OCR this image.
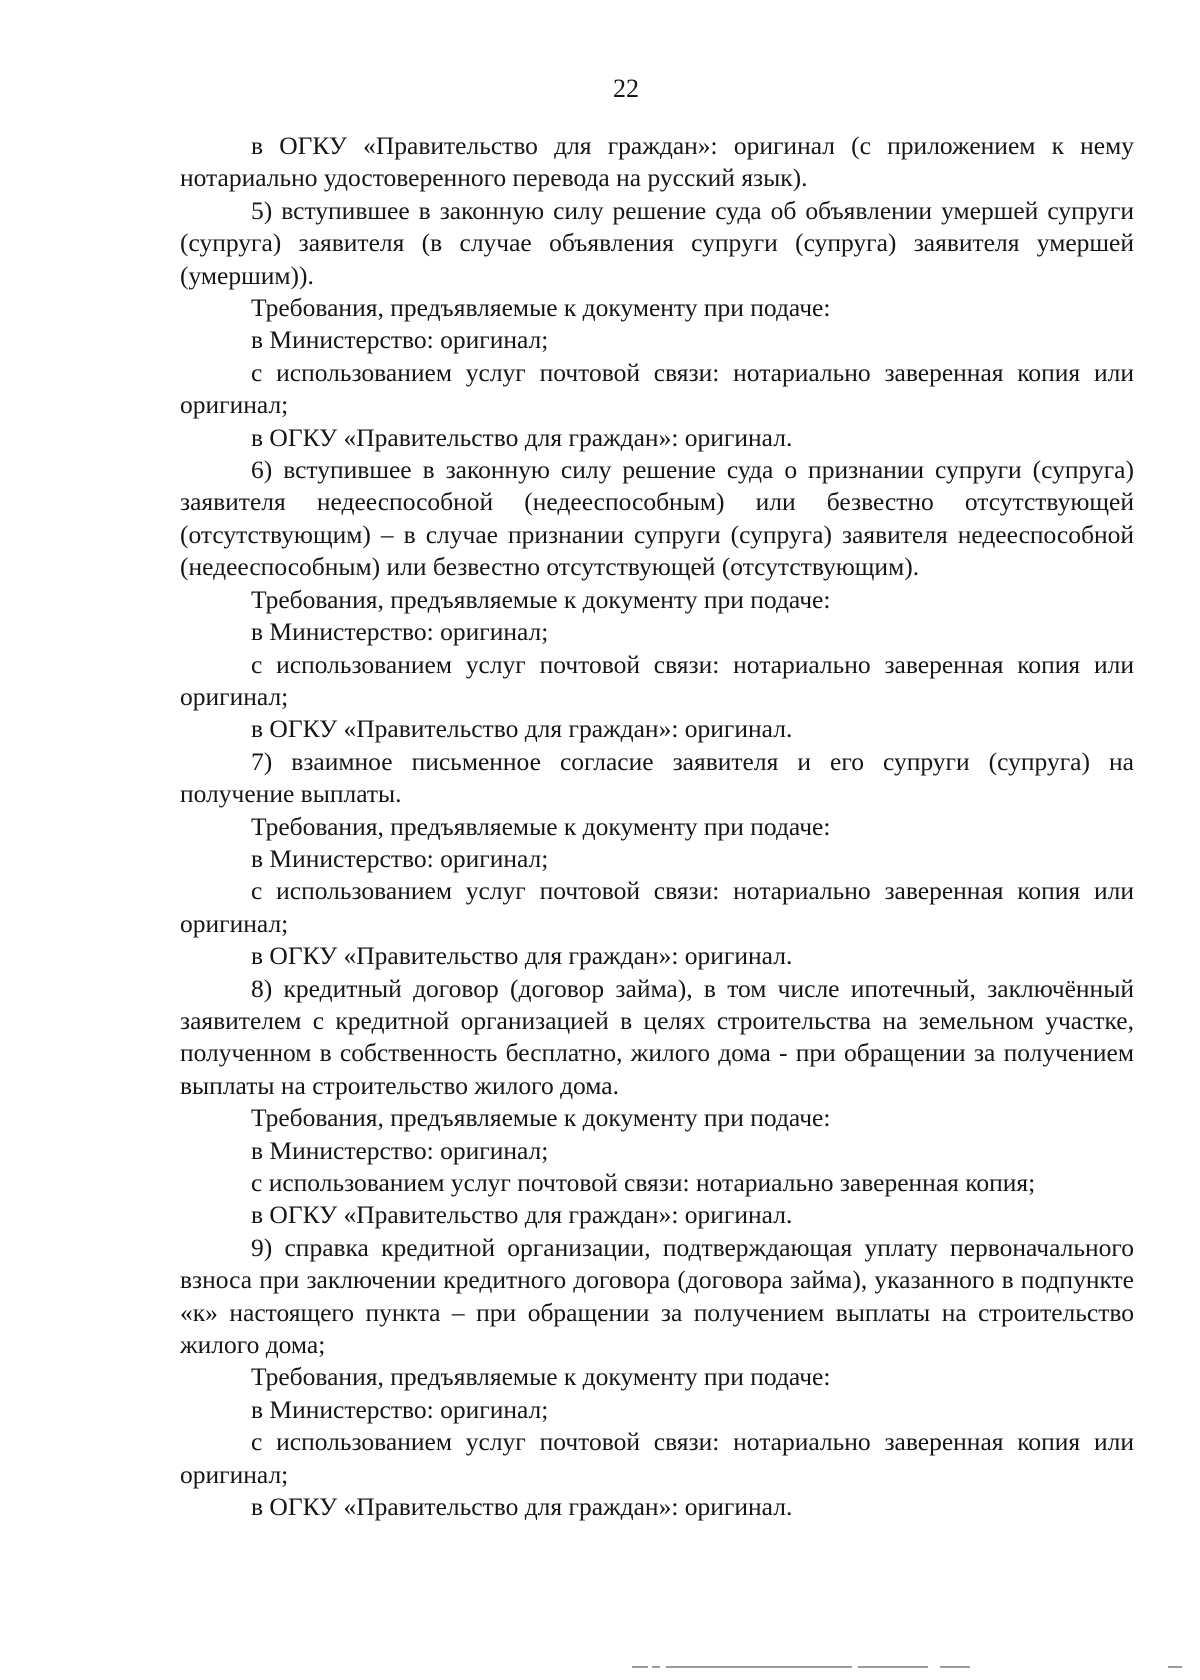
22

в ОГКУ «Правительство для граждан»: оригинал (с приложением к нему нотариально удостоверенного перевода на русский язык).

5) вступившее в законную силу решение суда об объявлении умершей супруги (супруга) заявителя (в случае объявления супруги (супруга) заявителя умершей (умершим)).

Требования, предъявляемые к документу при подаче:

в Министерство: оригинал;

с использованием услуг почтовой связи: нотариально заверенная копия или оригинал;

в ОГКУ «Правительство для граждан»: оригинал.

6) вступившее в законную силу решение суда о признании супруги (супруга) заявителя недееспособной (недееспособным) или безвестно отсутствующей (отсутствующим) – в случае признании супруги (супруга) заявителя недееспособной (недееспособным) или безвестно отсутствующей (отсутствующим).

Требования, предъявляемые к документу при подаче:

в Министерство: оригинал;

с использованием услуг почтовой связи: нотариально заверенная копия или оригинал;

в ОГКУ «Правительство для граждан»: оригинал.

7) взаимное письменное согласие заявителя и его супруги (супруга) на получение выплаты.

Требования, предъявляемые к документу при подаче:

в Министерство: оригинал;

с использованием услуг почтовой связи: нотариально заверенная копия или оригинал;

в ОГКУ «Правительство для граждан»: оригинал.

8) кредитный договор (договор займа), в том числе ипотечный, заключённый заявителем с кредитной организацией в целях строительства на земельном участке, полученном в собственность бесплатно, жилого дома - при обращении за получением выплаты на строительство жилого дома.

Требования, предъявляемые к документу при подаче:

в Министерство: оригинал;

с использованием услуг почтовой связи: нотариально заверенная копия;

в ОГКУ «Правительство для граждан»: оригинал.

9) справка кредитной организации, подтверждающая уплату первоначального взноса при заключении кредитного договора (договора займа), указанного в подпункте «к» настоящего пункта – при обращении за получением выплаты на строительство жилого дома;

Требования, предъявляемые к документу при подаче:

в Министерство: оригинал;

с использованием услуг почтовой связи: нотариально заверенная копия или оригинал;

в ОГКУ «Правительство для граждан»: оригинал.
